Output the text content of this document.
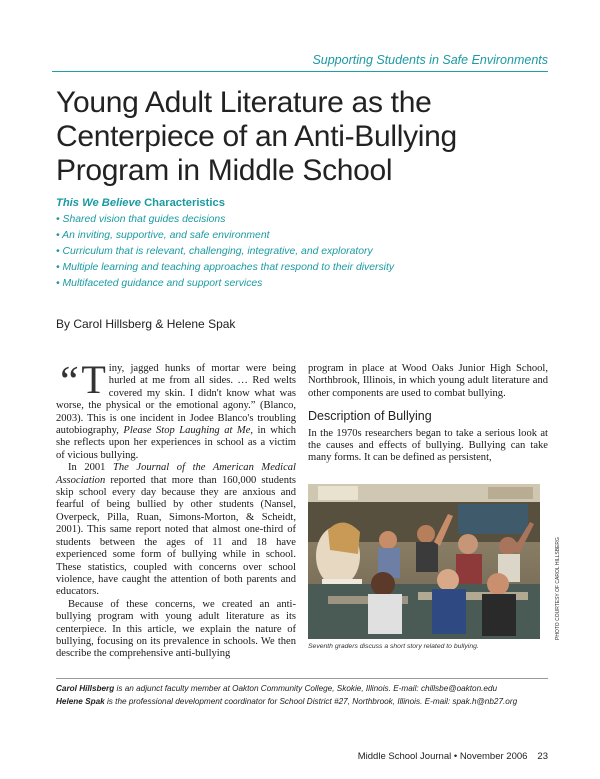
Supporting Students in Safe Environments
Young Adult Literature as the Centerpiece of an Anti-Bullying Program in Middle School
This We Believe Characteristics
• Shared vision that guides decisions
• An inviting, supportive, and safe environment
• Curriculum that is relevant, challenging, integrative, and exploratory
• Multiple learning and teaching approaches that respond to their diversity
• Multifaceted guidance and support services
By Carol Hillsberg & Helene Spak

“ T iny, jagged hunks of mortar were being hurled at me from all sides. … Red welts covered my skin. I didn't know what was worse, the physical or the emotional agony.” (Blanco, 2003). This is one incident in Jodee Blanco's troubling autobiography, Please Stop Laughing at Me, in which she reflects upon her experiences in school as a victim of vicious bullying.

In 2001 The Journal of the American Medical Association reported that more than 160,000 students skip school every day because they are anxious and fearful of being bullied by other students (Nansel, Overpeck, Pilla, Ruan, Simons-Morton, & Scheidt, 2001). This same report noted that almost one-third of students between the ages of 11 and 18 have experienced some form of bullying while in school. These statistics, coupled with concerns over school violence, have caught the attention of both parents and educators.

Because of these concerns, we created an anti-bullying program with young adult literature as its centerpiece. In this article, we explain the nature of bullying, focusing on its prevalence in schools. We then describe the comprehensive anti-bullying

program in place at Wood Oaks Junior High School, Northbrook, Illinois, in which young adult literature and other components are used to combat bullying.

Description of Bullying

In the 1970s researchers began to take a serious look at the causes and effects of bullying. Bullying can take many forms. It can be defined as persistent,

PHOTO COURTESY OF CAROL HILLSBERG
Seventh graders discuss a short story related to bullying.
Carol Hillsberg is an adjunct faculty member at Oakton Community College, Skokie, Illinois. E-mail: chillsbe@oakton.edu
Helene Spak is the professional development coordinator for School District #27, Northbrook, Illinois. E-mail: spak.h@nb27.org
Middle School Journal • November 2006 23
